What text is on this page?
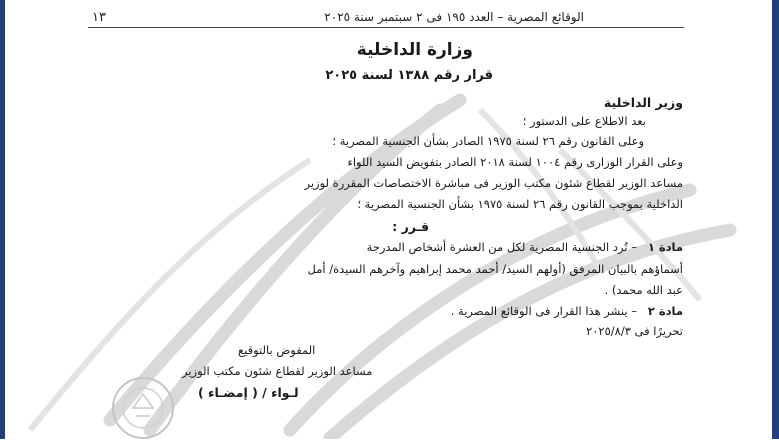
الوقائع المصرية – العدد ١٩٥ فى ٢ سبتمبر سنة ٢٠٢٥
١٣
وزارة الداخلية
قرار رقم ١٣٨٨ لسنة ٢٠٢٥
وزير الداخلية
بعد الاطلاع على الدستور ؛
وعلى القانون رقم ٢٦ لسنة ١٩٧٥ الصادر بشأن الجنسية المصرية ؛
وعلى القرار الوزارى رقم ١٠٠٤ لسنة ٢٠١٨ الصادر بتفويض السيد اللواء
مساعد الوزير لقطاع شئون مكتب الوزير فى مباشرة الاختصاصات المقررة لوزير
الداخلية بموجب القانون رقم ٢٦ لسنة ١٩٧٥ بشأن الجنسية المصرية ؛
قـرر :
مادة ١
– تُرد الجنسية المصرية لكل من العشرة أشخاص المدرجة
أسماؤهم بالبيان المرفق (أولهم السيد/ أحمد محمد إبراهيم وآخرهم السيدة/ أمل
عبد الله محمد) .
مادة ٢
– ينشر هذا القرار فى الوقائع المصرية .
تحريرًا فى ٢٠٢٥/٨/٣
المفوض بالتوقيع
مساعد الوزير لقطاع شئون مكتب الوزير
لـواء / ( إمضـاء )
